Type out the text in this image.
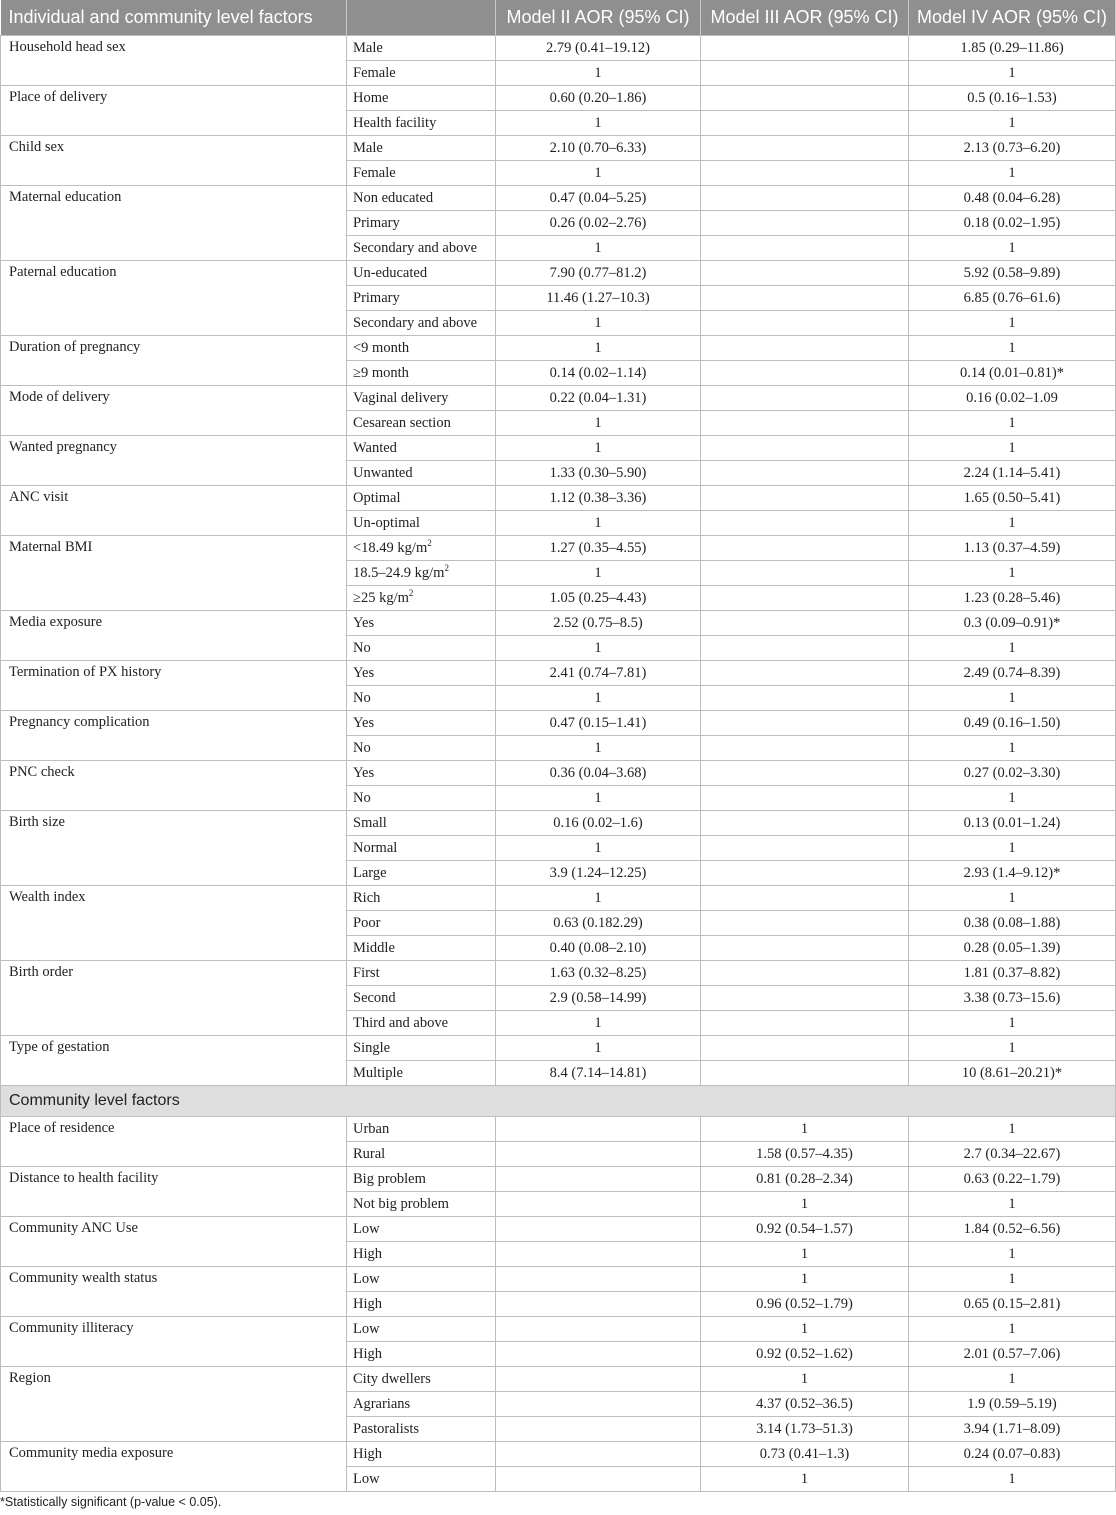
Individual and community level factors		Model II AOR (95% CI)	Model III AOR (95% CI)	Model IV AOR (95% CI)
Household head sex	Male	2.79 (0.41–19.12)		1.85 (0.29–11.86)
	Female	1		1
Place of delivery	Home	0.60 (0.20–1.86)		0.5 (0.16–1.53)
	Health facility	1		1
Child sex	Male	2.10 (0.70–6.33)		2.13 (0.73–6.20)
	Female	1		1
Maternal education	Non educated	0.47 (0.04–5.25)		0.48 (0.04–6.28)
	Primary	0.26 (0.02–2.76)		0.18 (0.02–1.95)
	Secondary and above	1		1
Paternal education	Un-educated	7.90 (0.77–81.2)		5.92 (0.58–9.89)
	Primary	11.46 (1.27–10.3)		6.85 (0.76–61.6)
	Secondary and above	1		1
Duration of pregnancy	<9 month	1		1
	≥9 month	0.14 (0.02–1.14)		0.14 (0.01–0.81)*
Mode of delivery	Vaginal delivery	0.22 (0.04–1.31)		0.16 (0.02–1.09
	Cesarean section	1		1
Wanted pregnancy	Wanted	1		1
	Unwanted	1.33 (0.30–5.90)		2.24 (1.14–5.41)
ANC visit	Optimal	1.12 (0.38–3.36)		1.65 (0.50–5.41)
	Un-optimal	1		1
Maternal BMI	<18.49 $kg/m^2$	1.27 (0.35–4.55)		1.13 (0.37–4.59)
	18.5–24.9 $kg/m^2$	1		1
	≥25 $kg/m^2$	1.05 (0.25–4.43)		1.23 (0.28–5.46)
Media exposure	Yes	2.52 (0.75–8.5)		0.3 (0.09–0.91)*
	No	1		1
Termination of PX history	Yes	2.41 (0.74–7.81)		2.49 (0.74–8.39)
	No	1		1
Pregnancy complication	Yes	0.47 (0.15–1.41)		0.49 (0.16–1.50)
	No	1		1
PNC check	Yes	0.36 (0.04–3.68)		0.27 (0.02–3.30)
	No	1		1
Birth size	Small	0.16 (0.02–1.6)		0.13 (0.01–1.24)
	Normal	1		1
	Large	3.9 (1.24–12.25)		2.93 (1.4–9.12)*
Wealth index	Rich	1		1
	Poor	0.63 (0.182.29)		0.38 (0.08–1.88)
	Middle	0.40 (0.08–2.10)		0.28 (0.05–1.39)
Birth order	First	1.63 (0.32–8.25)		1.81 (0.37–8.82)
	Second	2.9 (0.58–14.99)		3.38 (0.73–15.6)
	Third and above	1		1
Type of gestation	Single	1		1
	Multiple	8.4 (7.14–14.81)		10 (8.61–20.21)*
Community level factors				
Place of residence	Urban		1	1
	Rural		1.58 (0.57–4.35)	2.7 (0.34–22.67)
Distance to health facility	Big problem		0.81 (0.28–2.34)	0.63 (0.22–1.79)
	Not big problem		1	1
Community ANC Use	Low		0.92 (0.54–1.57)	1.84 (0.52–6.56)
	High		1	1
Community wealth status	Low		1	1
	High		0.96 (0.52–1.79)	0.65 (0.15–2.81)
Community illiteracy	Low		1	1
	High		0.92 (0.52–1.62)	2.01 (0.57–7.06)
Region	City dwellers		1	1
	Agrarians		4.37 (0.52–36.5)	1.9 (0.59–5.19)
	Pastoralists		3.14 (1.73–51.3)	3.94 (1.71–8.09)
Community media exposure	High		0.73 (0.41–1.3)	0.24 (0.07–0.83)
	Low		1	1
*Statistically significant (p-value < 0.05).
